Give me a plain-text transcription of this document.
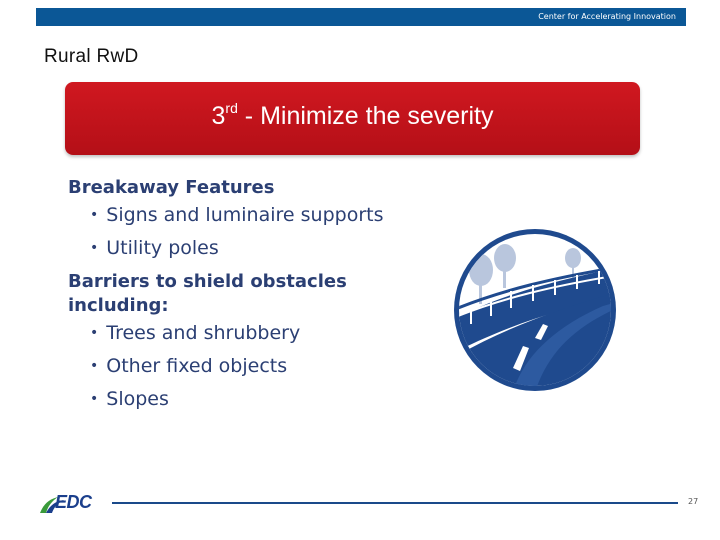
Center for Accelerating Innovation
Rural RwD
3rd - Minimize the severity

Breakaway Features

• Signs and luminaire supports

• Utility poles

Barriers to shield obstacles

including:

• Trees and shrubbery

• Other fixed objects

• Slopes

EDC	27
